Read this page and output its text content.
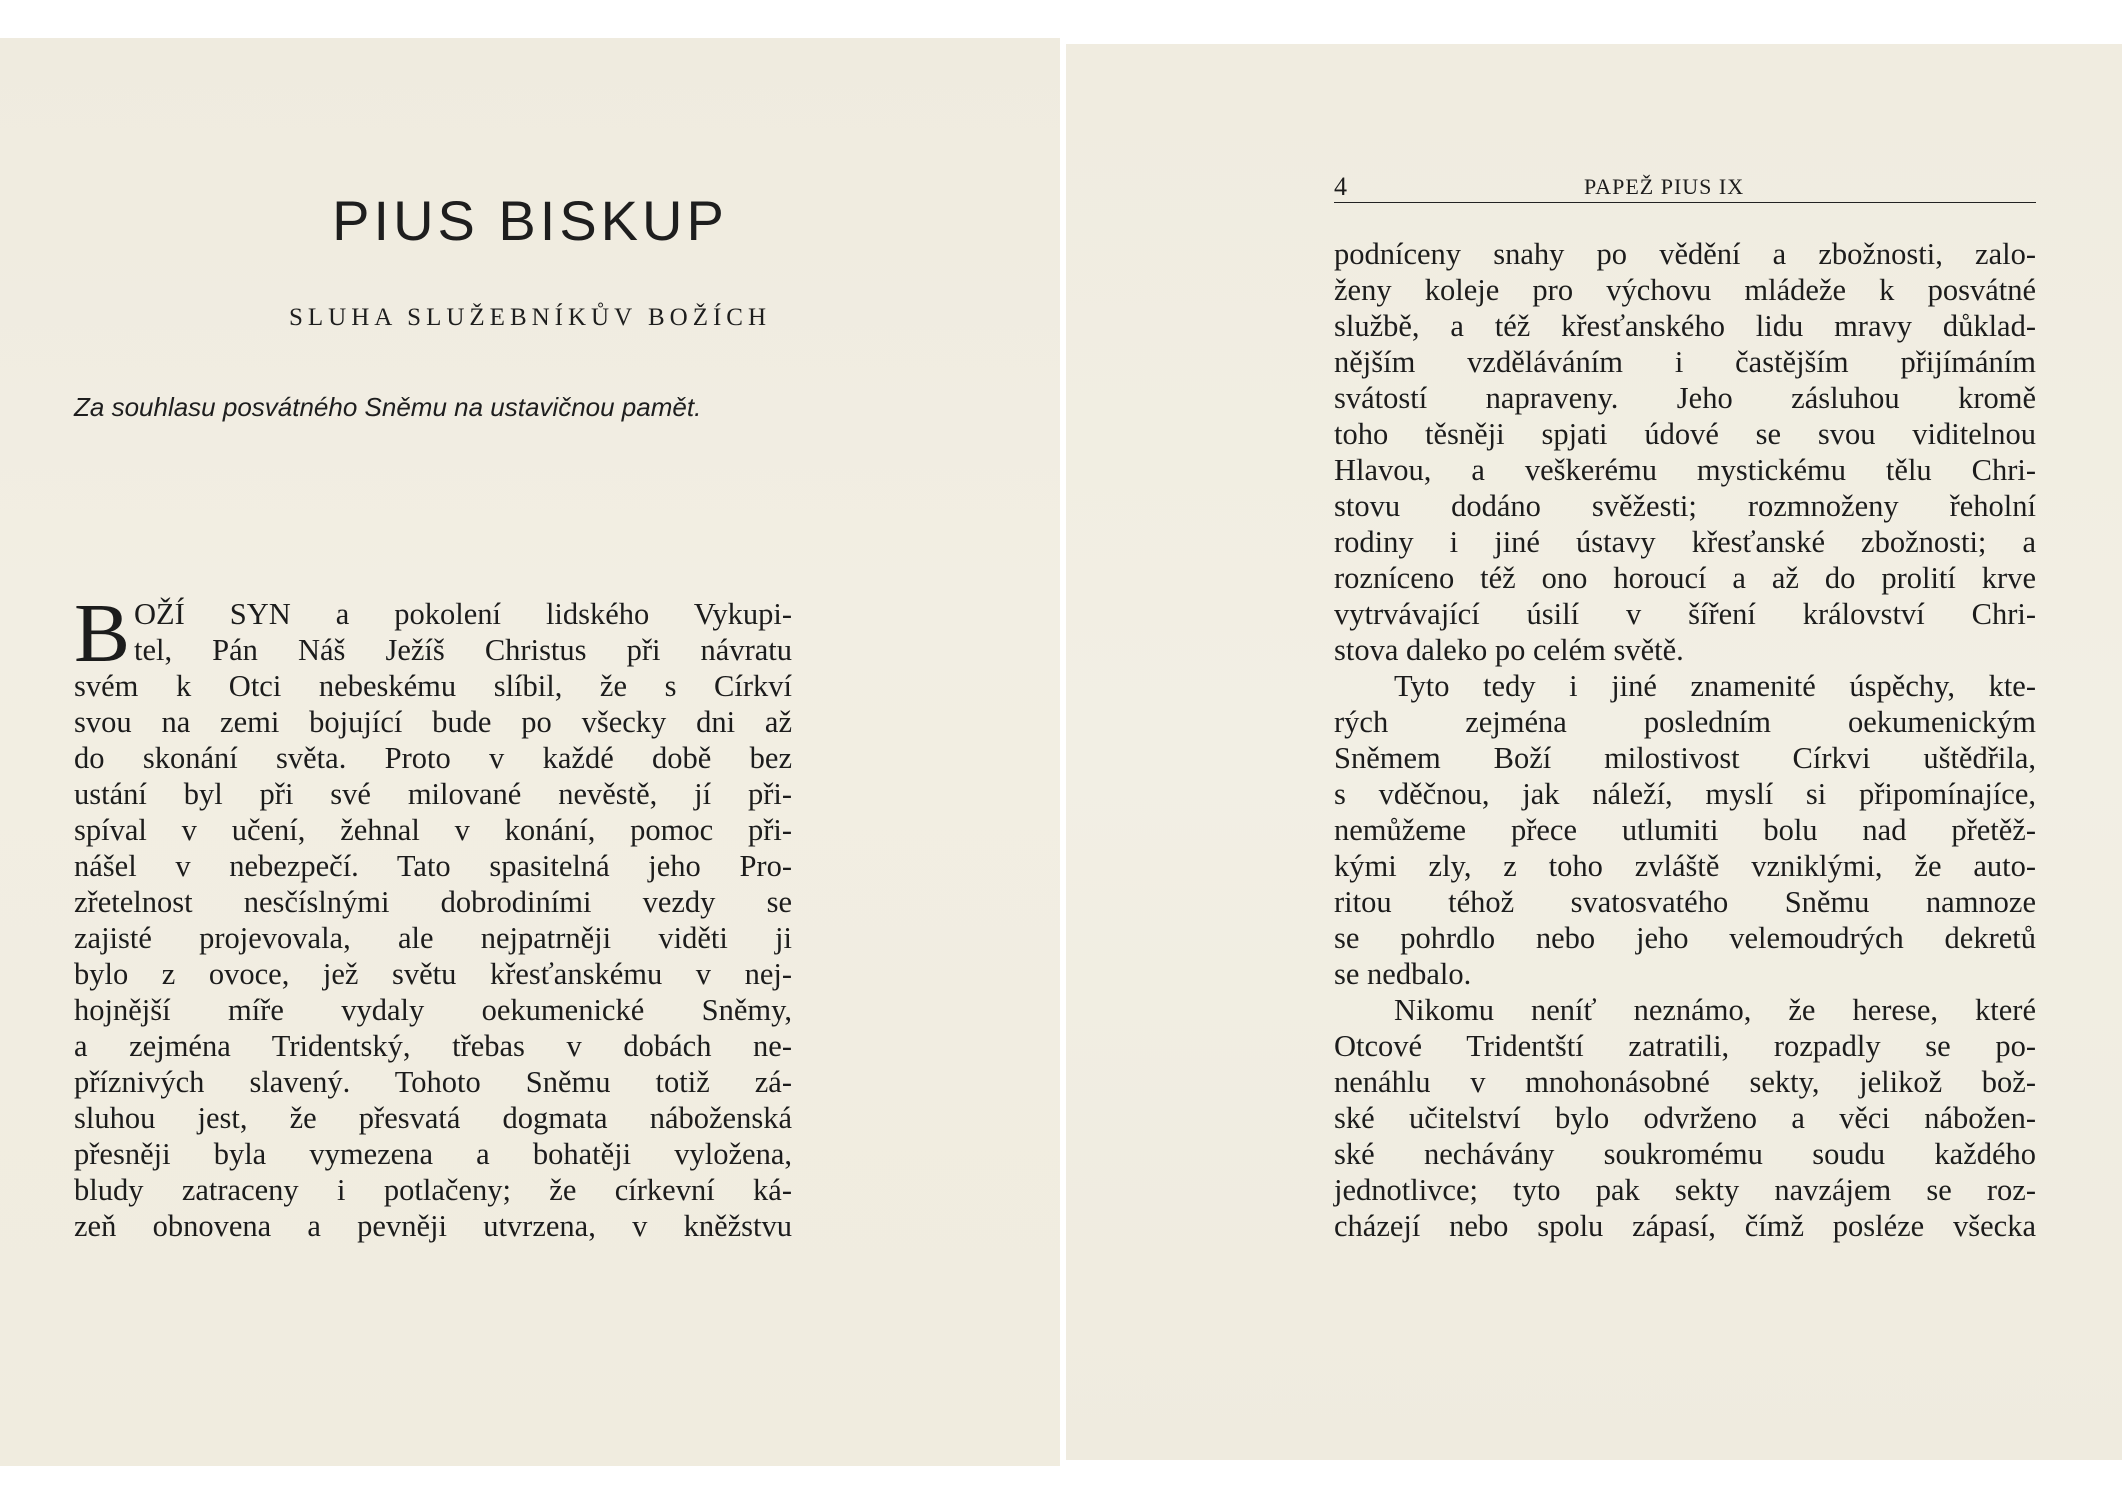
PIUS BISKUP
SLUHA SLUŽEBNÍKŮV BOŽÍCH
Za souhlasu posvátného Sněmu na ustavičnou pamět.
B OŽÍ SYN a pokolení lidského Vykupi-
tel, Pán Náš Ježíš Christus při návratu
svém k Otci nebeskému slíbil, že s Církví
svou na zemi bojující bude po všecky dni až
do skonání světa. Proto v každé době bez
ustání byl při své milované nevěstě, jí při-
spíval v učení, žehnal v konání, pomoc při-
nášel v nebezpečí. Tato spasitelná jeho Pro-
zřetelnost nesčíslnými dobrodiními vezdy se
zajisté projevovala, ale nejpatrněji viděti ji
bylo z ovoce, jež světu křesťanskému v nej-
hojnější míře vydaly oekumenické Sněmy,
a zejména Tridentský, třebas v dobách ne-
příznivých slavený. Tohoto Sněmu totiž zá-
sluhou jest, že přesvatá dogmata náboženská
přesněji byla vymezena a bohatěji vyložena,
bludy zatraceny i potlačeny; že církevní ká-
zeň obnovena a pevněji utvrzena, v kněžstvu
4	PAPEŽ PIUS IX
podníceny snahy po vědění a zbožnosti, zalo-
ženy koleje pro výchovu mládeže k posvátné
službě, a též křesťanského lidu mravy důklad-
nějším vzděláváním i častějším přijímáním
svátostí napraveny. Jeho zásluhou kromě
toho těsněji spjati údové se svou viditelnou
Hlavou, a veškerému mystickému tělu Chri-
stovu dodáno svěžesti; rozmnoženy řeholní
rodiny i jiné ústavy křesťanské zbožnosti; a
rozníceno též ono horoucí a až do prolití krve
vytrvávající úsilí v šíření království Chri-
stova daleko po celém světě.
Tyto tedy i jiné znamenité úspěchy, kte-
rých zejména posledním oekumenickým
Sněmem Boží milostivost Církvi uštědřila,
s vděčnou, jak náleží, myslí si připomínajíce,
nemůžeme přece utlumiti bolu nad přetěž-
kými zly, z toho zvláště vzniklými, že auto-
ritou téhož svatosvatého Sněmu namnoze
se pohrdlo nebo jeho velemoudrých dekretů
se nedbalo.
Nikomu neníť neznámo, že herese, které
Otcové Tridentští zatratili, rozpadly se po-
nenáhlu v mnohonásobné sekty, jelikož bož-
ské učitelství bylo odvrženo a věci nábožen-
ské nechávány soukromému soudu každého
jednotlivce; tyto pak sekty navzájem se roz-
cházejí nebo spolu zápasí, čímž posléze všecka
